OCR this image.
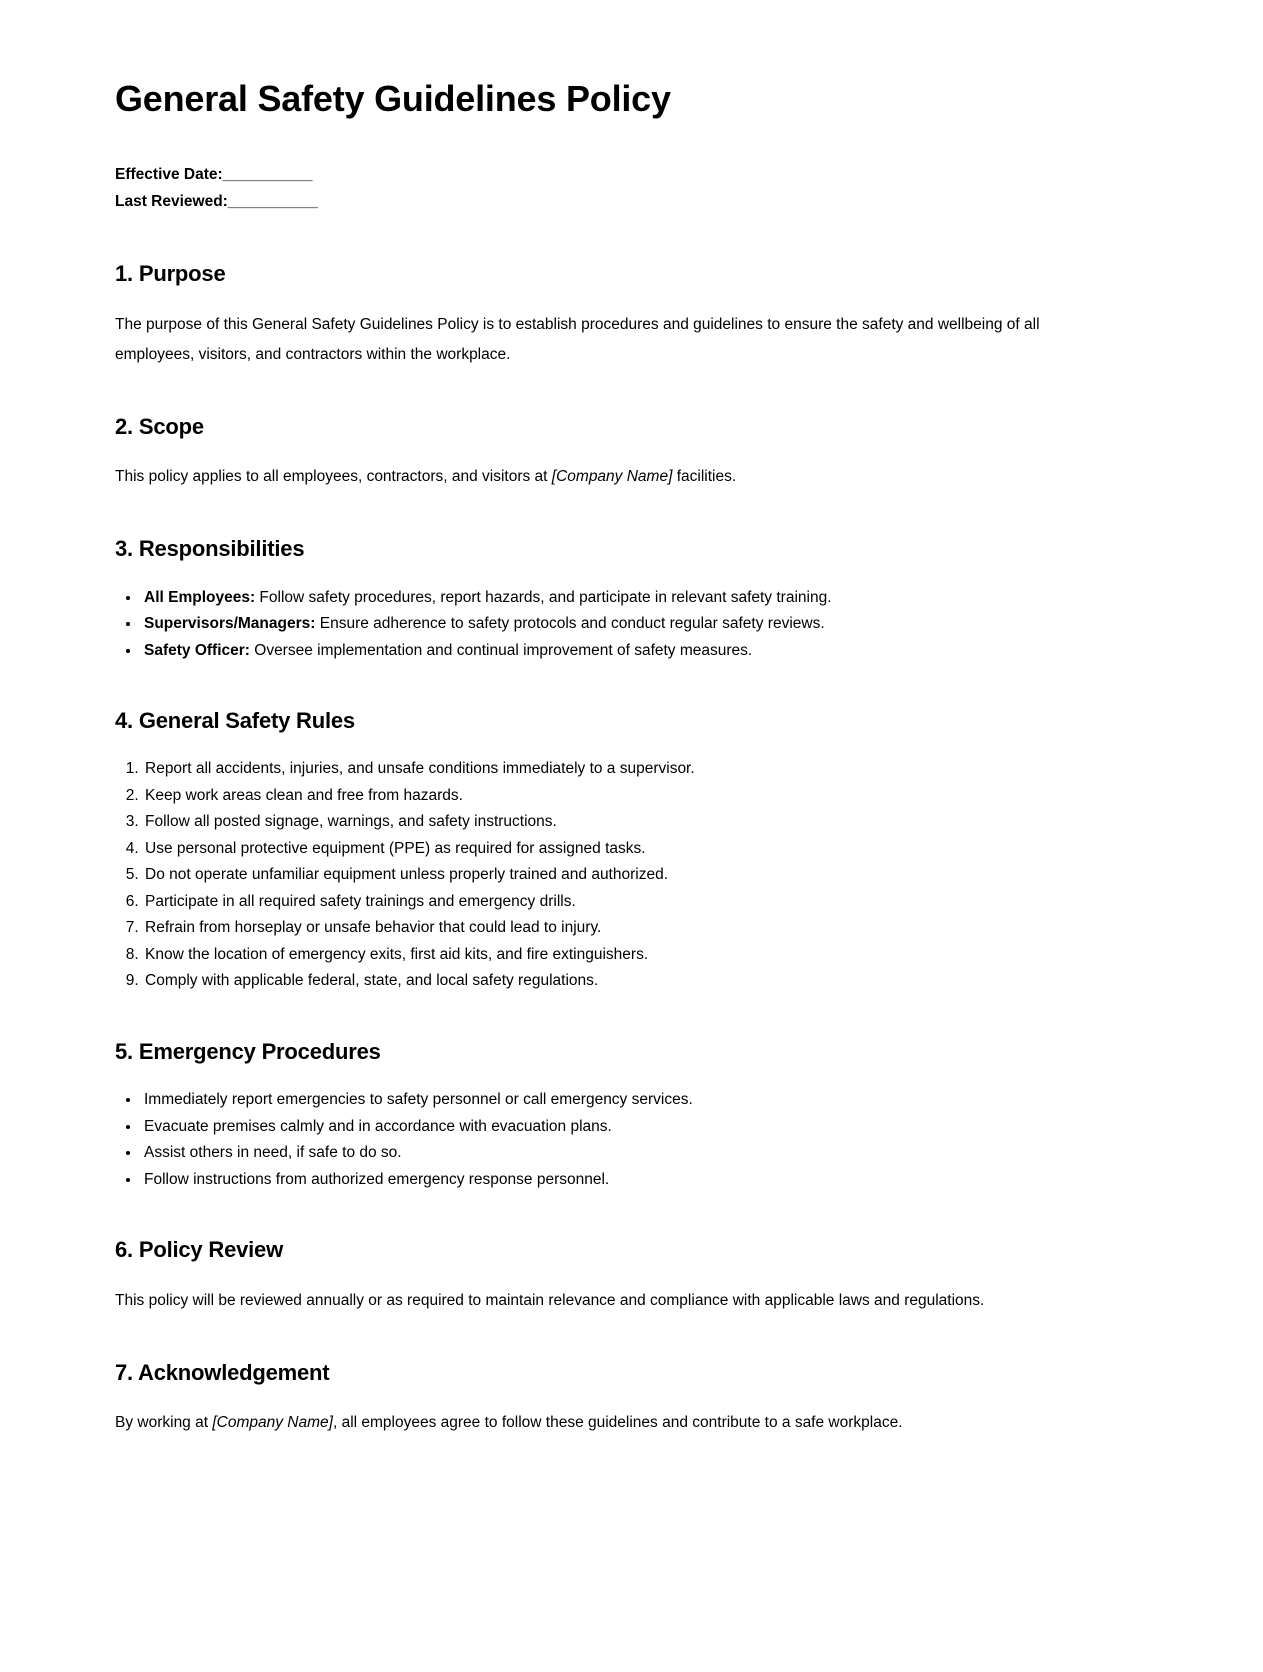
General Safety Guidelines Policy
Effective Date:___________
Last Reviewed:___________
1. Purpose

The purpose of this General Safety Guidelines Policy is to establish procedures and guidelines to ensure the safety and wellbeing of all employees, visitors, and contractors within the workplace.

2. Scope

This policy applies to all employees, contractors, and visitors at [Company Name] facilities.

3. Responsibilities
• All Employees: Follow safety procedures, report hazards, and participate in relevant safety training.
• Supervisors/Managers: Ensure adherence to safety protocols and conduct regular safety reviews.
• Safety Officer: Oversee implementation and continual improvement of safety measures.
4. General Safety Rules
1. Report all accidents, injuries, and unsafe conditions immediately to a supervisor.
2. Keep work areas clean and free from hazards.
3. Follow all posted signage, warnings, and safety instructions.
4. Use personal protective equipment (PPE) as required for assigned tasks.
5. Do not operate unfamiliar equipment unless properly trained and authorized.
6. Participate in all required safety trainings and emergency drills.
7. Refrain from horseplay or unsafe behavior that could lead to injury.
8. Know the location of emergency exits, first aid kits, and fire extinguishers.
9. Comply with applicable federal, state, and local safety regulations.
5. Emergency Procedures
• Immediately report emergencies to safety personnel or call emergency services.
• Evacuate premises calmly and in accordance with evacuation plans.
• Assist others in need, if safe to do so.
• Follow instructions from authorized emergency response personnel.
6. Policy Review

This policy will be reviewed annually or as required to maintain relevance and compliance with applicable laws and regulations.

7. Acknowledgement

By working at [Company Name], all employees agree to follow these guidelines and contribute to a safe workplace.
